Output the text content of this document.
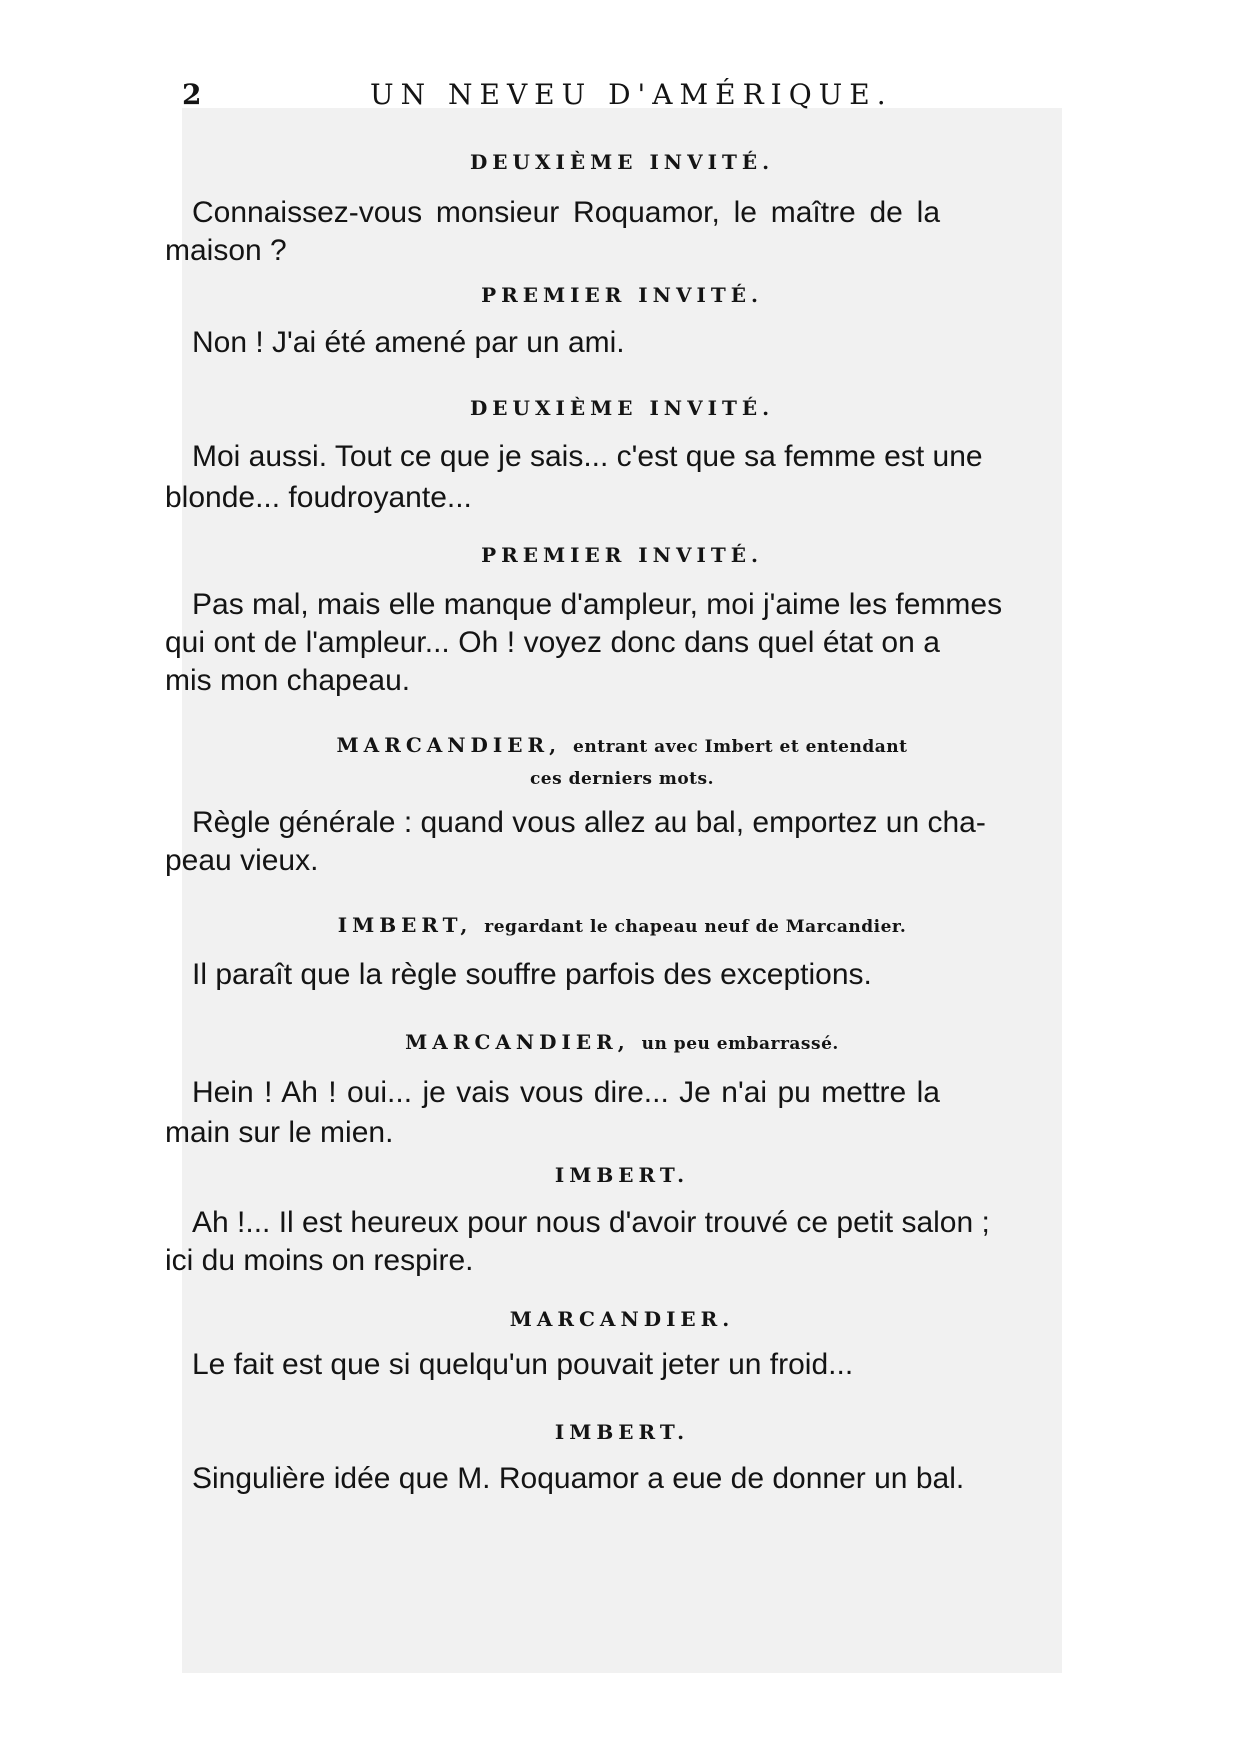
2	UN NEVEU D'AMÉRIQUE.
DEUXIÈME INVITÉ.
Connaissez-vous monsieur Roquamor, le maître de la
maison ?
PREMIER INVITÉ.
Non ! J'ai été amené par un ami.
DEUXIÈME INVITÉ.
Moi aussi. Tout ce que je sais... c'est que sa femme est une
blonde... foudroyante...
PREMIER INVITÉ.
Pas mal, mais elle manque d'ampleur, moi j'aime les femmes
qui ont de l'ampleur... Oh ! voyez donc dans quel état on a
mis mon chapeau.
MARCANDIER, entrant avec Imbert et entendant
ces derniers mots.
Règle générale : quand vous allez au bal, emportez un cha-
peau vieux.
IMBERT, regardant le chapeau neuf de Marcandier.
Il paraît que la règle souffre parfois des exceptions.
MARCANDIER, un peu embarrassé.
Hein ! Ah ! oui... je vais vous dire... Je n'ai pu mettre la
main sur le mien.
IMBERT.
Ah !... Il est heureux pour nous d'avoir trouvé ce petit salon ;
ici du moins on respire.
MARCANDIER.
Le fait est que si quelqu'un pouvait jeter un froid...
IMBERT.
Singulière idée que M. Roquamor a eue de donner un bal.
